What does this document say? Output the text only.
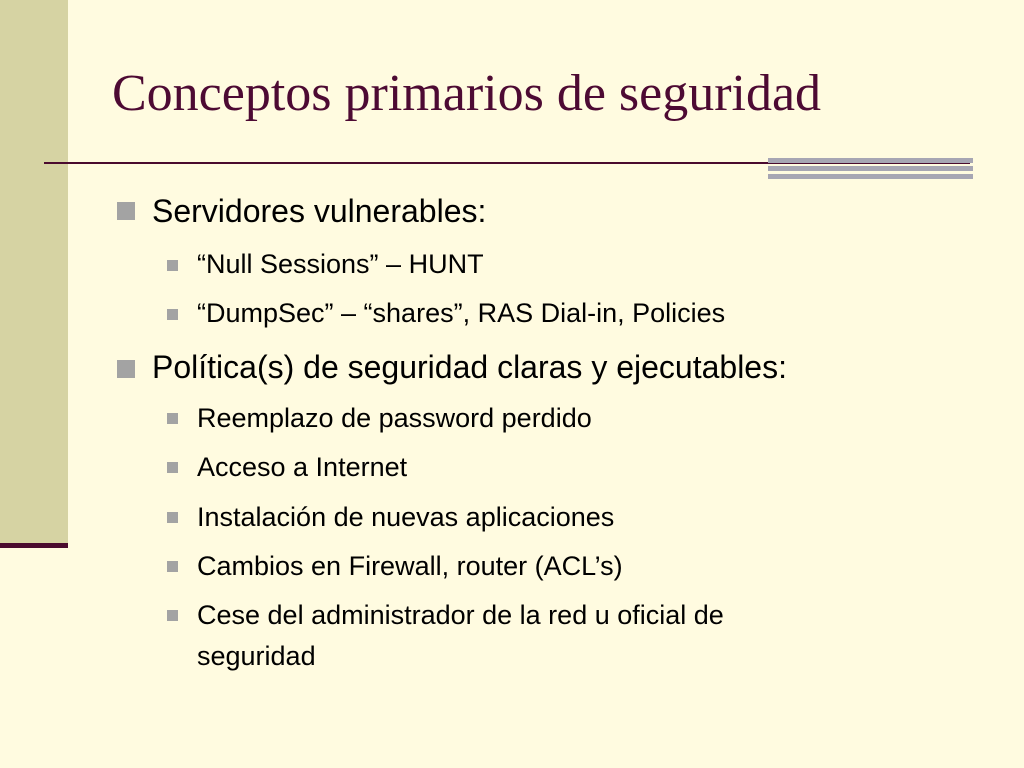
Conceptos primarios de seguridad
Servidores vulnerables:
“Null Sessions” – HUNT
“DumpSec” – “shares”, RAS Dial-in, Policies
Política(s) de seguridad claras y ejecutables:
Reemplazo de password perdido
Acceso a Internet
Instalación de nuevas aplicaciones
Cambios en Firewall, router (ACL’s)
Cese del administrador de la red u oficial de
seguridad
